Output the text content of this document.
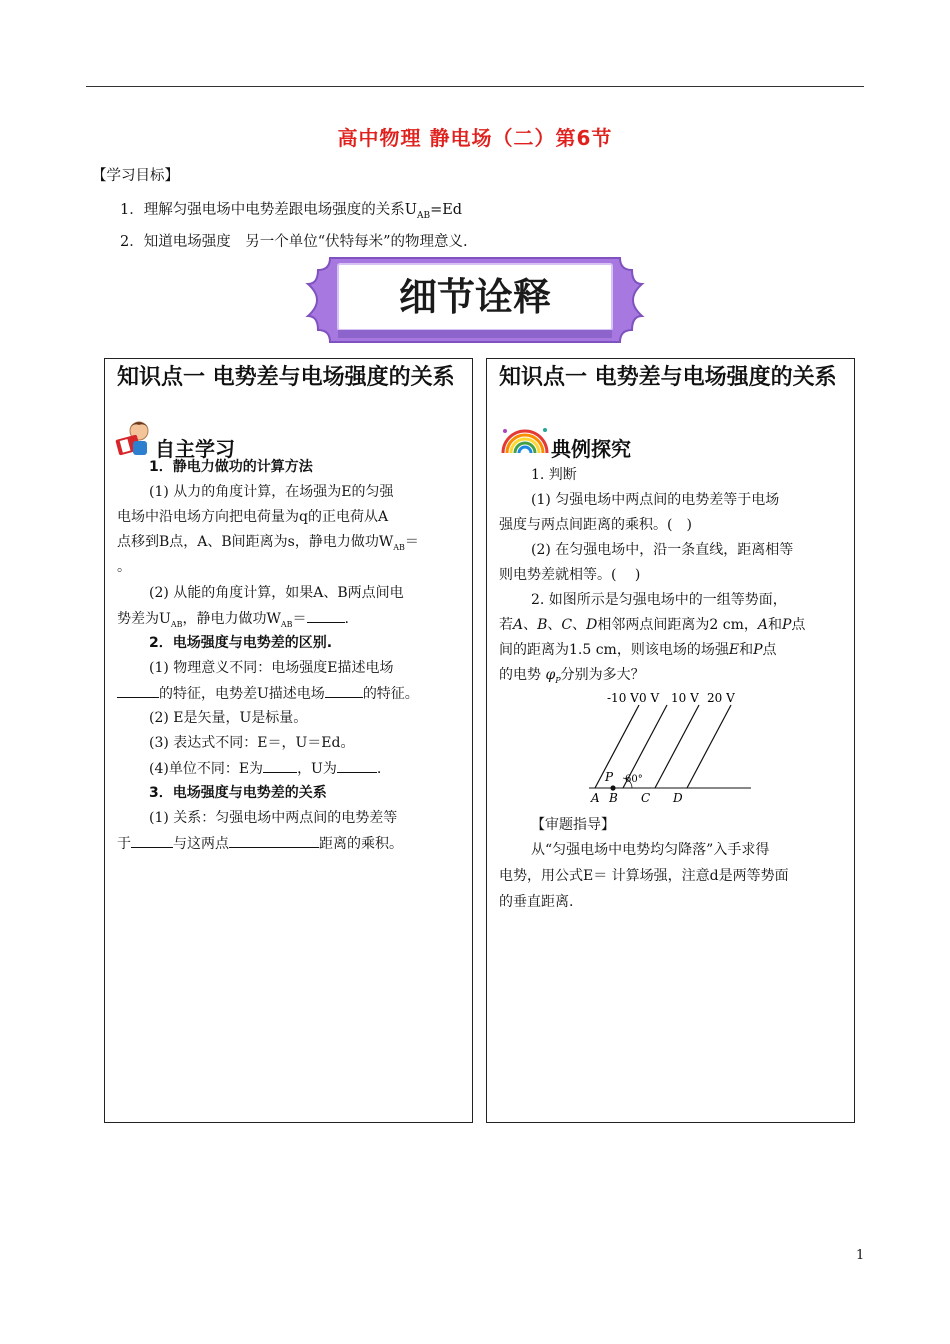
高中物理 静电场（二）第6节
【学习目标】
1．理解匀强电场中电势差跟电场强度的关系$U_{AB}=Ed$
2．知道电场强度　另一个单位“伏特每米”的物理意义.
细节诠释
知识点一 电势差与电场强度的关系
自主学习
1．静电力做功的计算方法
(1) 从力的角度计算，在场强为E的匀强
电场中沿电场方向把电荷量为q的正电荷从A
点移到B点，A、B间距离为s，静电力做功$W_{AB}=$
。
(2) 从能的角度计算，如果A、B两点间电
势差为$U_{AB}$，静电力做功$W_{AB}=$	.
2．电场强度与电势差的区别.
(1) 物理意义不同：电场强度E描述电场
的特征，电势差U描述电场	的特征。
(2) E是矢量，U是标量。
(3) 表达式不同：E＝，U＝Ed。
(4)单位不同：E为 ，U为	.
3．电场强度与电势差的关系
(1) 关系：匀强电场中两点间的电势差等
于	与这两点	距离的乘积。
知识点一 电势差与电场强度的关系
典例探究
1. 判断
(1) 匀强电场中两点间的电势差等于电场
强度与两点间距离的乘积。(　)
(2) 在匀强电场中，沿一条直线，距离相等
则电势差就相等。(　 )
2. 如图所示是匀强电场中的一组等势面，
若A、B、C、D相邻两点间距离为2 cm，A和P点
间的距离为1.5 cm，则该电场的场强E和P点
的电势 $\varphi_P$分别为多大？
-10 V 0 V 10 V 20 V
P 60°
A B C D
【审题指导】
从“匀强电场中电势均匀降落”入手求得
电势，用公式E＝ 计算场强，注意d是两等势面
的垂直距离.
1
